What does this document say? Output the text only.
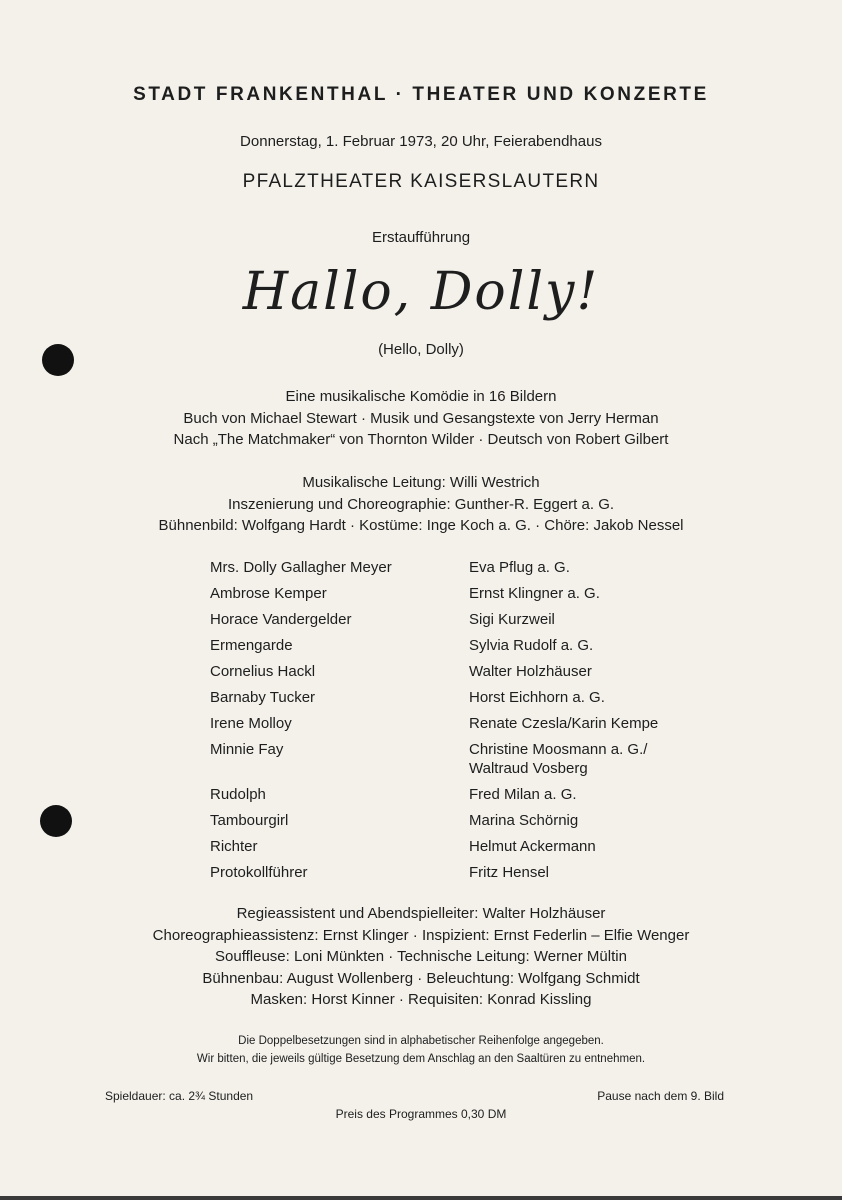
STADT FRANKENTHAL · THEATER UND KONZERTE
Donnerstag, 1. Februar 1973, 20 Uhr, Feierabendhaus
PFALZTHEATER KAISERSLAUTERN
Erstaufführung
Hallo, Dolly!
(Hello, Dolly)
Eine musikalische Komödie in 16 Bildern
Buch von Michael Stewart · Musik und Gesangstexte von Jerry Herman
Nach „The Matchmaker“ von Thornton Wilder · Deutsch von Robert Gilbert
Musikalische Leitung: Willi Westrich
Inszenierung und Choreographie: Gunther-R. Eggert a. G.
Bühnenbild: Wolfgang Hardt · Kostüme: Inge Koch a. G. · Chöre: Jakob Nessel
Mrs. Dolly Gallagher Meyer	Eva Pflug a. G.
Ambrose Kemper	Ernst Klingner a. G.
Horace Vandergelder	Sigi Kurzweil
Ermengarde	Sylvia Rudolf a. G.
Cornelius Hackl	Walter Holzhäuser
Barnaby Tucker	Horst Eichhorn a. G.
Irene Molloy	Renate Czesla/Karin Kempe
Minnie Fay	Christine Moosmann a. G./
Waltraud Vosberg
Rudolph	Fred Milan a. G.
Tambourgirl	Marina Schörnig
Richter	Helmut Ackermann
Protokollführer	Fritz Hensel
Regieassistent und Abendspielleiter: Walter Holzhäuser
Choreographieassistenz: Ernst Klinger · Inspizient: Ernst Federlin – Elfie Wenger
Souffleuse: Loni Münkten · Technische Leitung: Werner Mültin
Bühnenbau: August Wollenberg · Beleuchtung: Wolfgang Schmidt
Masken: Horst Kinner · Requisiten: Konrad Kissling
Die Doppelbesetzungen sind in alphabetischer Reihenfolge angegeben.
Wir bitten, die jeweils gültige Besetzung dem Anschlag an den Saaltüren zu entnehmen.
Spieldauer: ca. 2¾ Stunden	Pause nach dem 9. Bild
Preis des Programmes 0,30 DM
